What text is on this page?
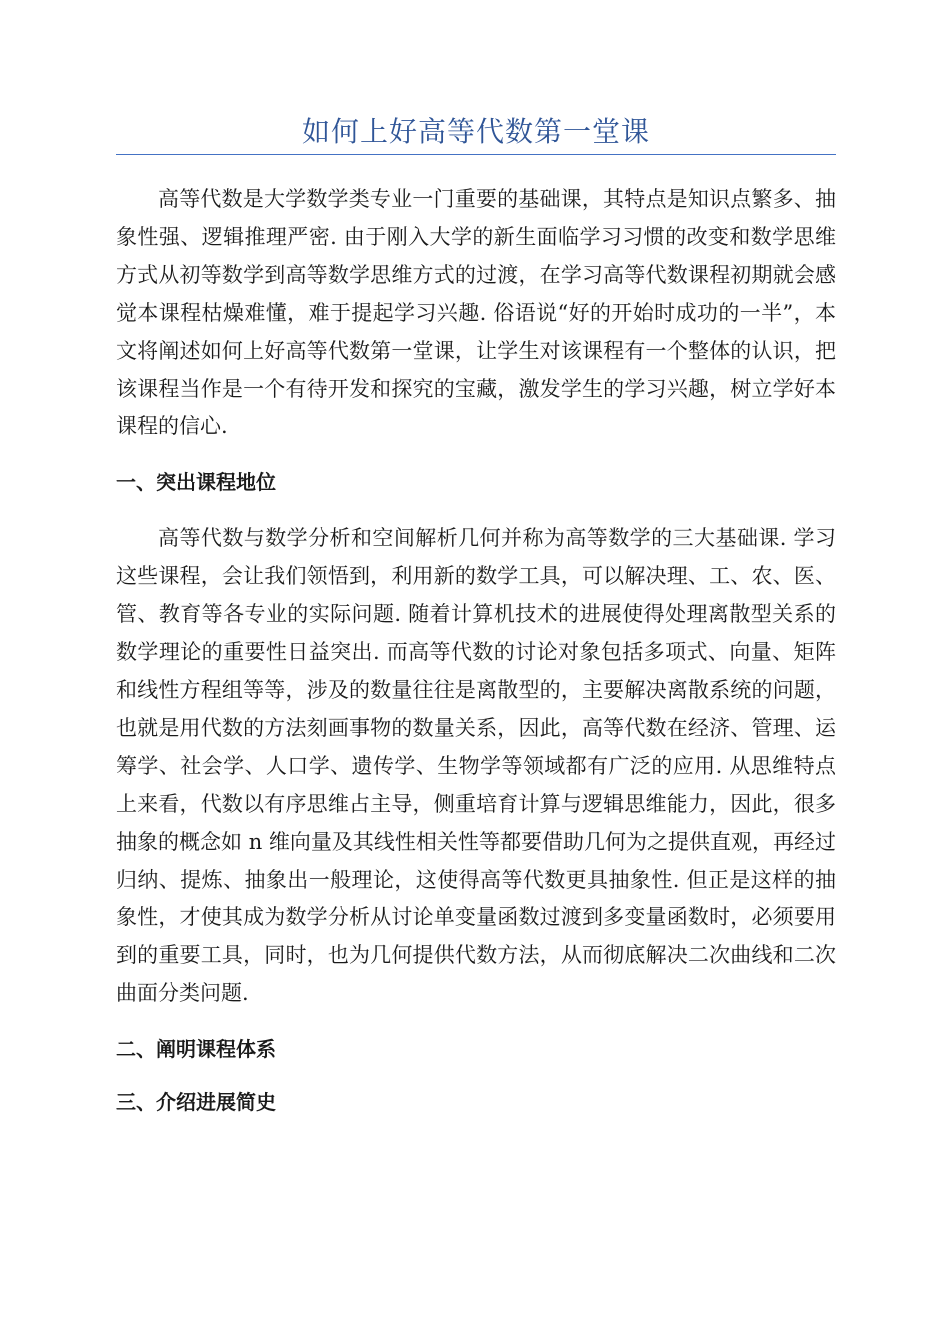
如何上好高等代数第一堂课

高等代数是大学数学类专业一门重要的基础课，其特点是知识点繁多、抽象性强、逻辑推理严密. 由于刚入大学的新生面临学习习惯的改变和数学思维方式从初等数学到高等数学思维方式的过渡，在学习高等代数课程初期就会感觉本课程枯燥难懂，难于提起学习兴趣. 俗语说“好的开始时成功的一半”，本文将阐述如何上好高等代数第一堂课，让学生对该课程有一个整体的认识，把该课程当作是一个有待开发和探究的宝藏，激发学生的学习兴趣，树立学好本课程的信心.

一、突出课程地位

高等代数与数学分析和空间解析几何并称为高等数学的三大基础课. 学习这些课程，会让我们领悟到，利用新的数学工具，可以解决理、工、农、医、管、教育等各专业的实际问题. 随着计算机技术的进展使得处理离散型关系的数学理论的重要性日益突出. 而高等代数的讨论对象包括多项式、向量、矩阵和线性方程组等等，涉及的数量往往是离散型的，主要解决离散系统的问题，也就是用代数的方法刻画事物的数量关系，因此，高等代数在经济、管理、运筹学、社会学、人口学、遗传学、生物学等领域都有广泛的应用. 从思维特点上来看，代数以有序思维占主导，侧重培育计算与逻辑思维能力，因此，很多抽象的概念如 n 维向量及其线性相关性等都要借助几何为之提供直观，再经过归纳、提炼、抽象出一般理论，这使得高等代数更具抽象性. 但正是这样的抽象性，才使其成为数学分析从讨论单变量函数过渡到多变量函数时，必须要用到的重要工具，同时，也为几何提供代数方法，从而彻底解决二次曲线和二次曲面分类问题.

二、阐明课程体系
三、介绍进展简史
